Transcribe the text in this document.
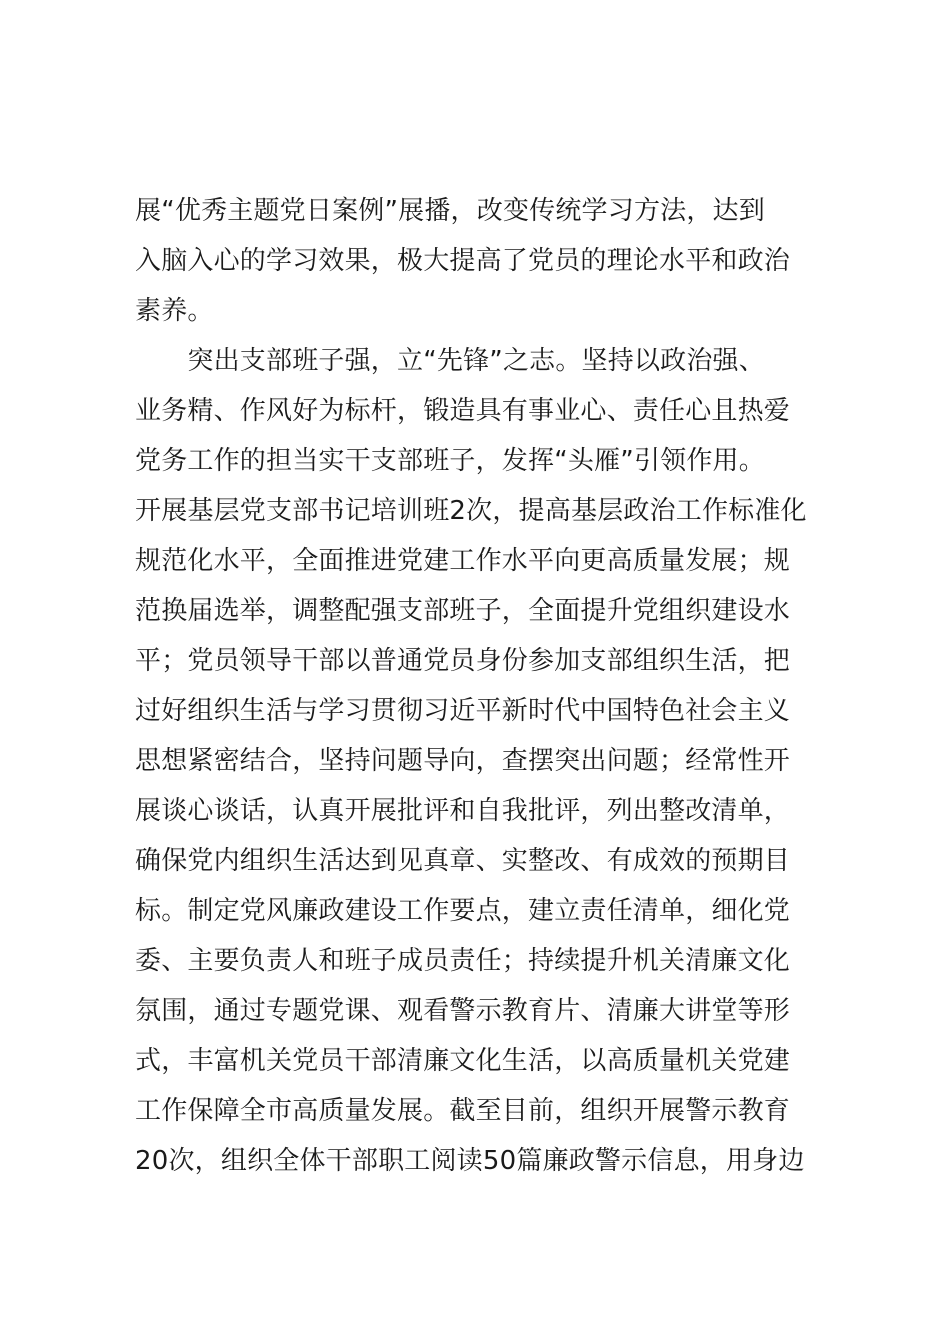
展“优秀主题党日案例”展播，改变传统学习方法，达到
入脑入心的学习效果，极大提高了党员的理论水平和政治
素养。
　　突出支部班子强，立“先锋”之志。坚持以政治强、
业务精、作风好为标杆，锻造具有事业心、责任心且热爱
党务工作的担当实干支部班子，发挥“头雁”引领作用。
开展基层党支部书记培训班2次，提高基层政治工作标准化
规范化水平，全面推进党建工作水平向更高质量发展；规
范换届选举，调整配强支部班子，全面提升党组织建设水
平；党员领导干部以普通党员身份参加支部组织生活，把
过好组织生活与学习贯彻习近平新时代中国特色社会主义
思想紧密结合，坚持问题导向，查摆突出问题；经常性开
展谈心谈话，认真开展批评和自我批评，列出整改清单，
确保党内组织生活达到见真章、实整改、有成效的预期目
标。制定党风廉政建设工作要点，建立责任清单，细化党
委、主要负责人和班子成员责任；持续提升机关清廉文化
氛围，通过专题党课、观看警示教育片、清廉大讲堂等形
式，丰富机关党员干部清廉文化生活，以高质量机关党建
工作保障全市高质量发展。截至目前，组织开展警示教育
20次，组织全体干部职工阅读50篇廉政警示信息，用身边
